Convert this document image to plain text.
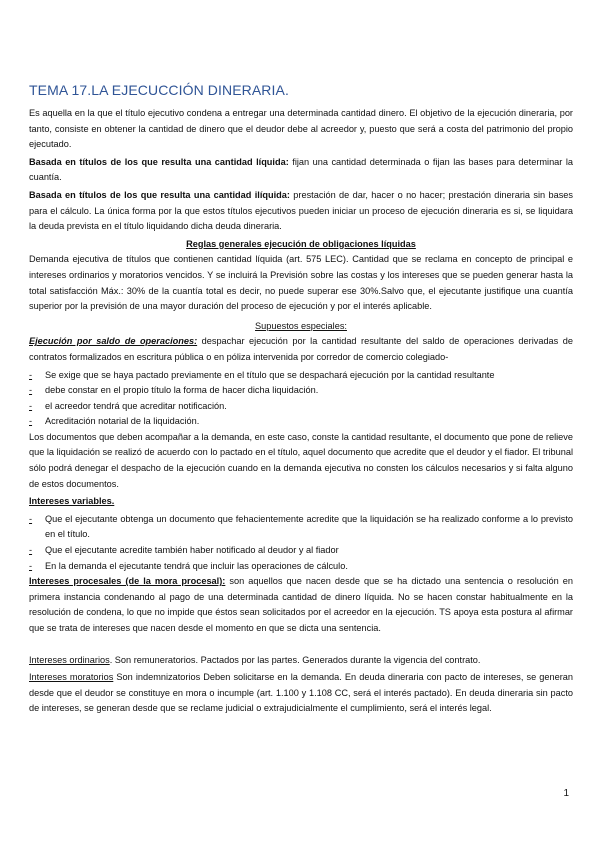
TEMA 17.LA EJECUCCIÓN DINERARIA.

Es aquella en la que el título ejecutivo condena a entregar una determinada cantidad dinero. El objetivo de la ejecución dineraria, por tanto, consiste en obtener la cantidad de dinero que el deudor debe al acreedor y, puesto que será a costa del patrimonio del propio ejecutado.

Basada en títulos de los que resulta una cantidad líquida: fijan una cantidad determinada o fijan las bases para determinar la cuantía.

Basada en títulos de los que resulta una cantidad ilíquida: prestación de dar, hacer o no hacer; prestación dineraria sin bases para el cálculo. La única forma por la que estos títulos ejecutivos pueden iniciar un proceso de ejecución dineraria es si, se liquidara la deuda prevista en el título liquidando dicha deuda dineraria.

Reglas generales ejecución de obligaciones líquidas

Demanda ejecutiva de títulos que contienen cantidad líquida (art. 575 LEC). Cantidad que se reclama en concepto de principal e intereses ordinarios y moratorios vencidos. Y se incluirá la Previsión sobre las costas y los intereses que se pueden generar hasta la total satisfacción Máx.: 30% de la cuantía total es decir, no puede superar ese 30%.Salvo que, el ejecutante justifique una cuantía superior por la previsión de una mayor duración del proceso de ejecución y por el interés aplicable.

Supuestos especiales:

Ejecución por saldo de operaciones: despachar ejecución por la cantidad resultante del saldo de operaciones derivadas de contratos formalizados en escritura pública o en póliza intervenida por corredor de comercio colegiado-

- Se exige que se haya pactado previamente en el título que se despachará ejecución por la cantidad resultante
- debe constar en el propio título la forma de hacer dicha liquidación.
- el acreedor tendrá que acreditar notificación.
- Acreditación notarial de la liquidación.

Los documentos que deben acompañar a la demanda, en este caso, conste la cantidad resultante, el documento que pone de relieve que la liquidación se realizó de acuerdo con lo pactado en el título, aquel documento que acredite que el deudor y el fiador. El tribunal sólo podrá denegar el despacho de la ejecución cuando en la demanda ejecutiva no consten los cálculos necesarios y si falta alguno de estos documentos.

Intereses variables.

- Que el ejecutante obtenga un documento que fehacientemente acredite que la liquidación se ha realizado conforme a lo previsto en el título.
- Que el ejecutante acredite también haber notificado al deudor y al fiador
- En la demanda el ejecutante tendrá que incluir las operaciones de cálculo.

Intereses procesales (de la mora procesal): son aquellos que nacen desde que se ha dictado una sentencia o resolución en primera instancia condenando al pago de una determinada cantidad de dinero líquida. No se hacen constar habitualmente en la resolución de condena, lo que no impide que éstos sean solicitados por el acreedor en la ejecución. TS apoya esta postura al afirmar que se trata de intereses que nacen desde el momento en que se dicta una sentencia.

Intereses ordinarios. Son remuneratorios. Pactados por las partes. Generados durante la vigencia del contrato.

Intereses moratorios Son indemnizatorios Deben solicitarse en la demanda. En deuda dineraria con pacto de intereses, se generan desde que el deudor se constituye en mora o incumple (art. 1.100 y 1.108 CC, será el interés pactado). En deuda dineraria sin pacto de intereses, se generan desde que se reclame judicial o extrajudicialmente el cumplimiento, será el interés legal.

1
